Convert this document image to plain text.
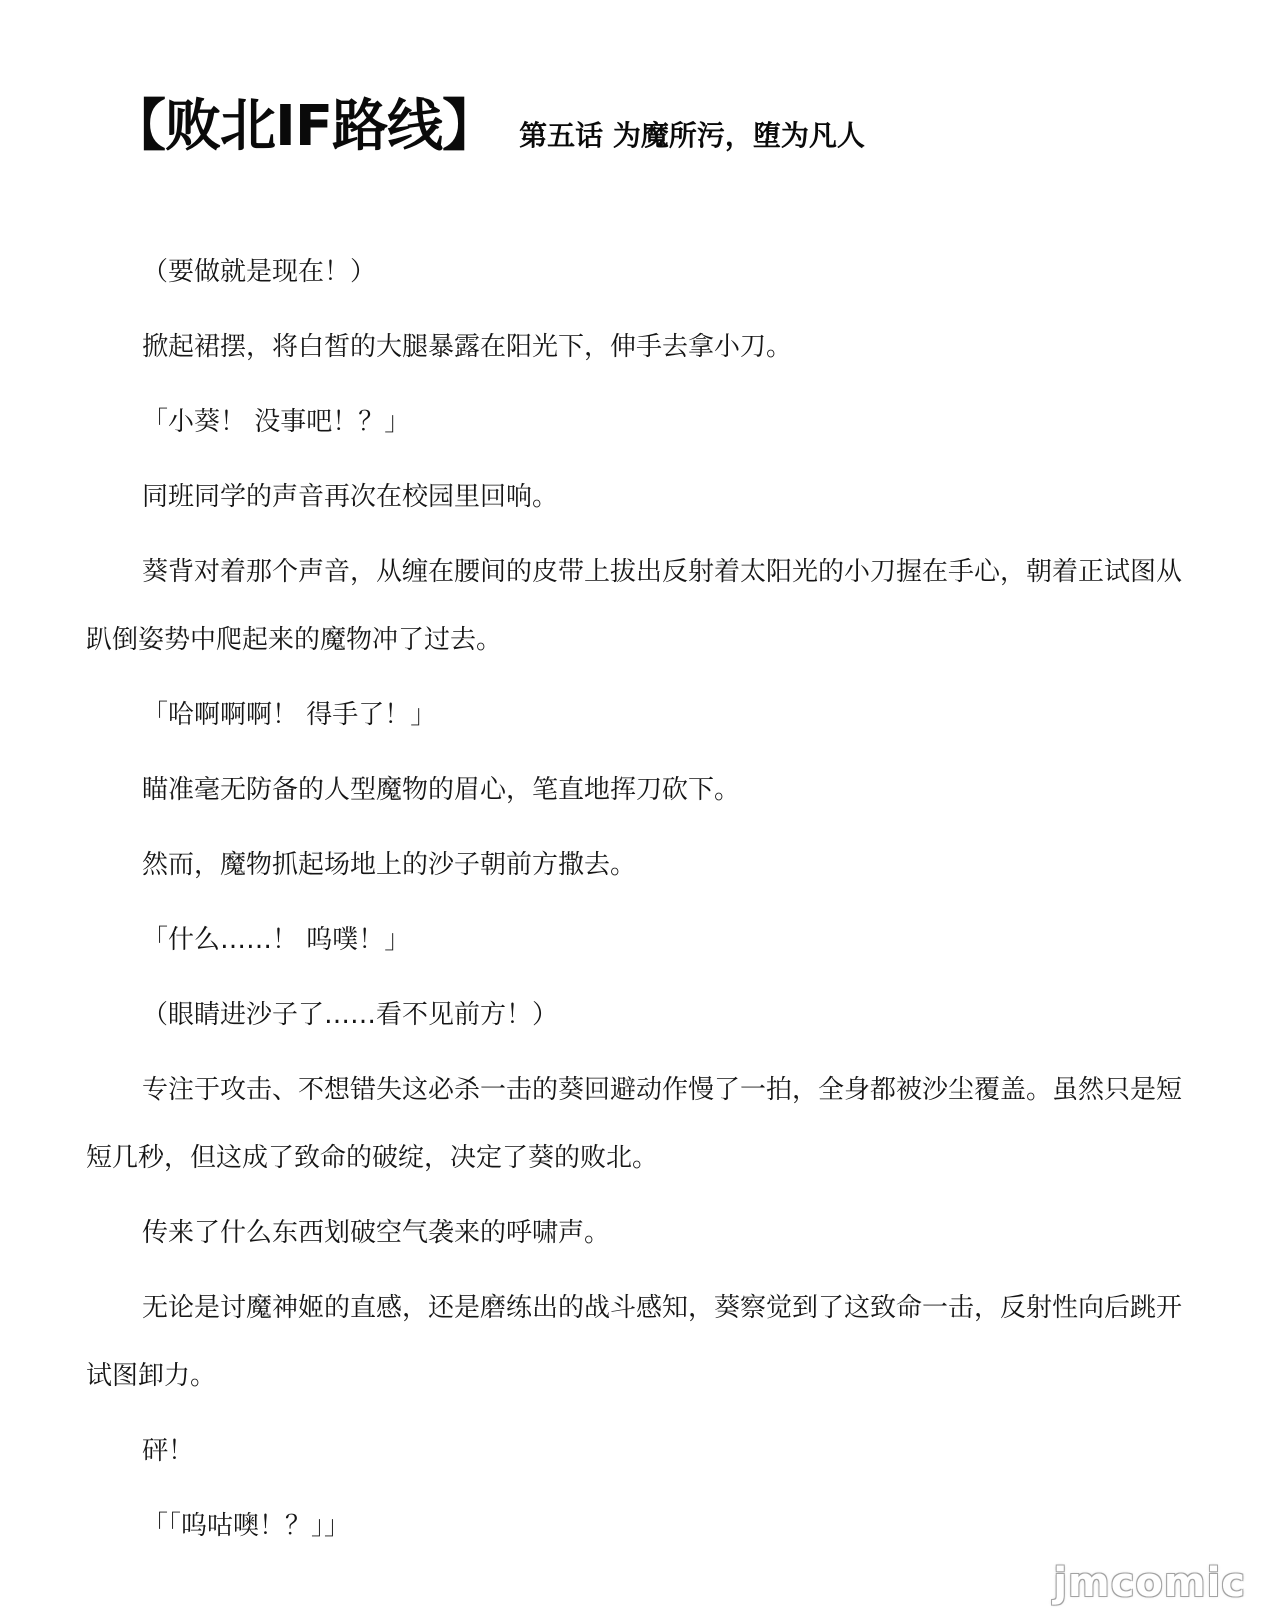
【败北IF路线】 第五话 为魔所污，堕为凡人

（要做就是现在！）

掀起裙摆，将白皙的大腿暴露在阳光下，伸手去拿小刀。

「小葵！ 没事吧！？」

同班同学的声音再次在校园里回响。

葵背对着那个声音，从缠在腰间的皮带上拔出反射着太阳光的小刀握在手心，朝着正试图从趴倒姿势中爬起来的魔物冲了过去。

「哈啊啊啊！ 得手了！」

瞄准毫无防备的人型魔物的眉心，笔直地挥刀砍下。

然而，魔物抓起场地上的沙子朝前方撒去。

「什么……！ 呜噗！」

（眼睛进沙子了……看不见前方！）

专注于攻击、不想错失这必杀一击的葵回避动作慢了一拍，全身都被沙尘覆盖。虽然只是短短几秒，但这成了致命的破绽，决定了葵的败北。

传来了什么东西划破空气袭来的呼啸声。

无论是讨魔神姬的直感，还是磨练出的战斗感知，葵察觉到了这致命一击，反射性向后跳开试图卸力。

砰！

「「呜咕噢！？」」

jmcomic
